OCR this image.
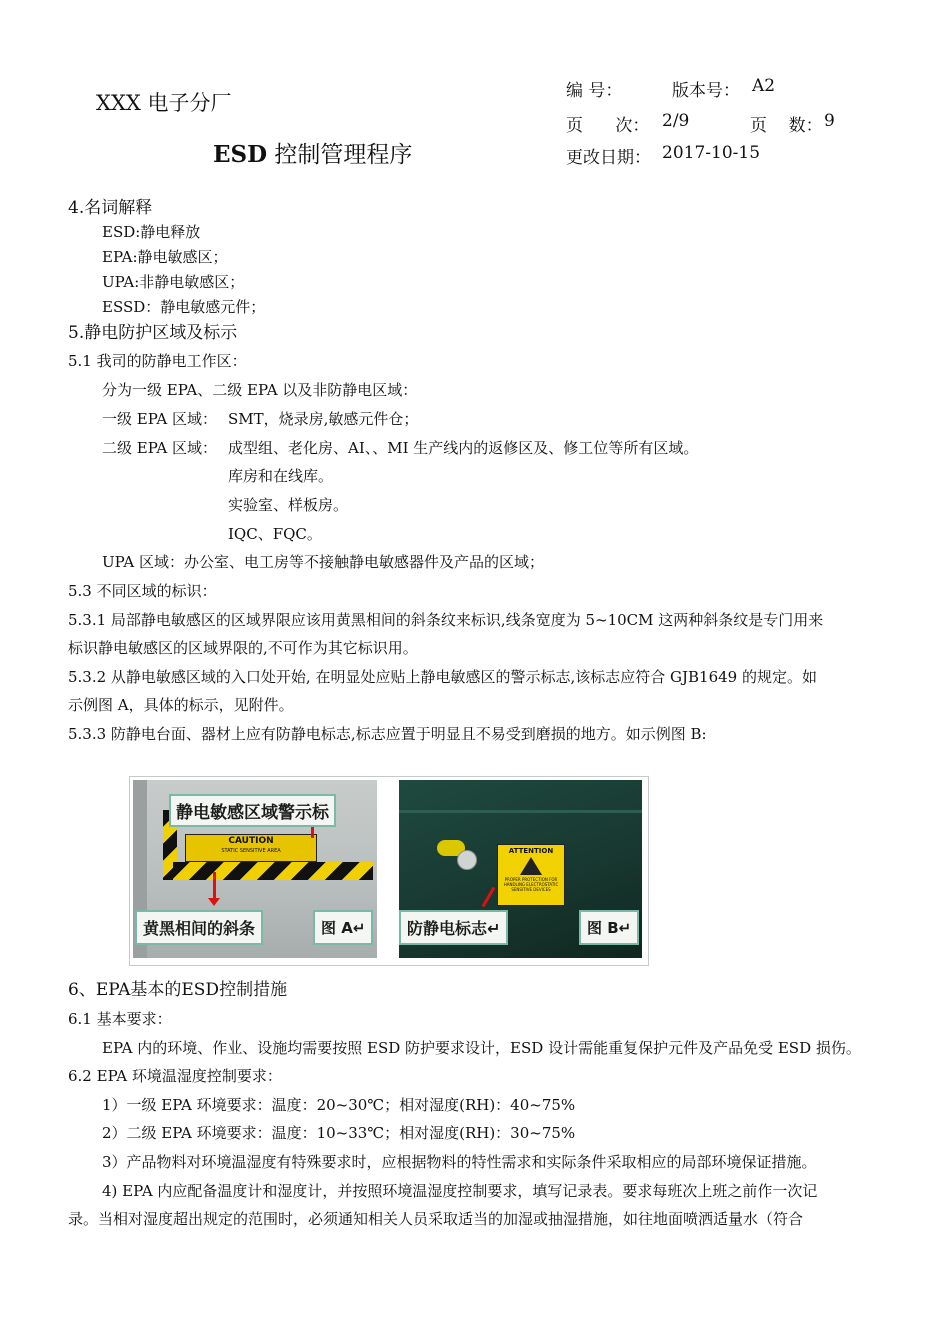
XXX 电子分厂
ESD 控制管理程序
编 号：	版本号： A2
页      次： 2/9	页    数： 9
更改日期： 2017-10-15
4.名词解释
ESD:静电释放
EPA:静电敏感区；
UPA:非静电敏感区；
ESSD：静电敏感元件；
5.静电防护区域及标示
5.1 我司的防静电工作区：
分为一级 EPA、二级 EPA 以及非防静电区域：
一级 EPA 区域： SMT，烧录房,敏感元件仓；
二级 EPA 区域： 成型组、老化房、AI、、MI 生产线内的返修区及、修工位等所有区域。
库房和在线库。
实验室、样板房。
IQC、FQC。
UPA 区域：办公室、电工房等不接触静电敏感器件及产品的区域；
5.3 不同区域的标识：
5.3.1 局部静电敏感区的区域界限应该用黄黑相间的斜条纹来标识,线条宽度为 5~10CM 这两种斜条纹是专门用来
标识静电敏感区的区域界限的,不可作为其它标识用。
5.3.2 从静电敏感区域的入口处开始, 在明显处应贴上静电敏感区的警示标志,该标志应符合 GJB1649 的规定。如
示例图 A，具体的标示，见附件。
5.3.3 防静电台面、器材上应有防静电标志,标志应置于明显且不易受到磨损的地方。如示例图 B:
CAUTION
STATIC SENSITIVE AREA
静电敏感区域警示标
黄黑相间的斜条	图 A↵
ATTENTION
PROPER PROTECTION FOR HANDLING ELECTROSTATIC SENSITIVE DEVICES
防静电标志↵	图 B↵
6、EPA基本的ESD控制措施
6.1 基本要求：
EPA 内的环境、作业、设施均需要按照 ESD 防护要求设计，ESD 设计需能重复保护元件及产品免受 ESD 损伤。
6.2 EPA 环境温湿度控制要求：
1）一级 EPA 环境要求：温度：20~30℃；相对湿度(RH)：40~75%
2）二级 EPA 环境要求：温度：10~33℃；相对湿度(RH)：30~75%
3）产品物料对环境温湿度有特殊要求时，应根据物料的特性需求和实际条件采取相应的局部环境保证措施。
4) EPA 内应配备温度计和湿度计，并按照环境温湿度控制要求，填写记录表。要求每班次上班之前作一次记
录。当相对湿度超出规定的范围时，必须通知相关人员采取适当的加湿或抽湿措施，如往地面喷洒适量水（符合
